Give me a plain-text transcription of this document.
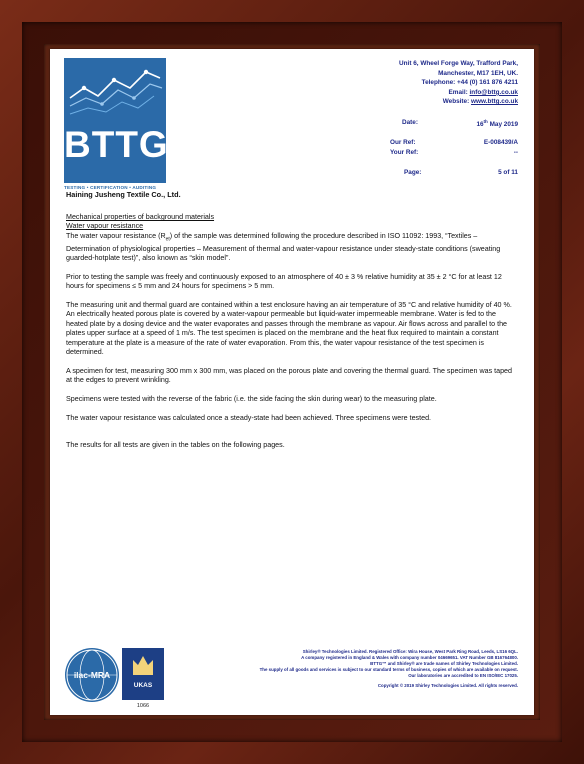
BTTG
TESTING • CERTIFICATION • AUDITING
Unit 6, Wheel Forge Way, Trafford Park,
Manchester, M17 1EH, UK.
Telephone: +44 (0) 161 876 4211
Email: info@bttg.co.uk
Website: www.bttg.co.uk
Date:	16th May 2019
Our Ref:	E-008439/A
Your Ref:	--
Page:	5 of 11
Haining Jusheng Textile Co., Ltd.
Mechanical properties of background materials
Water vapour resistance

The water vapour resistance $(R_{et})$ of the sample was determined following the procedure described in ISO 11092: 1993, “Textiles – Determination of physiological properties – Measurement of thermal and water-vapour resistance under steady-state conditions (sweating guarded-hotplate test)”, also known as “skin model”.

Prior to testing the sample was freely and continuously exposed to an atmosphere of 40 ± 3 % relative humidity at 35 ± 2 °C for at least 12 hours for specimens ≤ 5 mm and 24 hours for specimens > 5 mm.

The measuring unit and thermal guard are contained within a test enclosure having an air temperature of 35 °C and relative humidity of 40 %. An electrically heated porous plate is covered by a water-vapour permeable but liquid-water impermeable membrane. Water is fed to the heated plate by a dosing device and the water evaporates and passes through the membrane as vapour. Air flows across and parallel to the plates upper surface at a speed of 1 m/s. The test specimen is placed on the membrane and the heat flux required to maintain a constant temperature at the plate is a measure of the rate of water evaporation. From this, the water vapour resistance of the test specimen is determined.

A specimen for test, measuring 300 mm x 300 mm, was placed on the porous plate and covering the thermal guard. The specimen was taped at the edges to prevent wrinkling.

Specimens were tested with the reverse of the fabric (i.e. the side facing the skin during wear) to the measuring plate.

The water vapour resistance was calculated once a steady-state had been achieved. Three specimens were tested.

The results for all tests are given in the tables on the following pages.

ilac-MRA
UKAS
1066
Shirley® Technologies Limited. Registered Office: Wira House, West Park Ring Road, Leeds, LS16 6QL.
A company registered in England & Wales with company number 04669651. VAT Number GB 816764800.
BTTG™ and Shirley® are trade names of Shirley Technologies Limited.
The supply of all goods and services is subject to our standard terms of business, copies of which are available on request.
Our laboratories are accredited to EN ISO/IEC 17025.
Copyright © 2019 Shirley Technologies Limited. All rights reserved.
